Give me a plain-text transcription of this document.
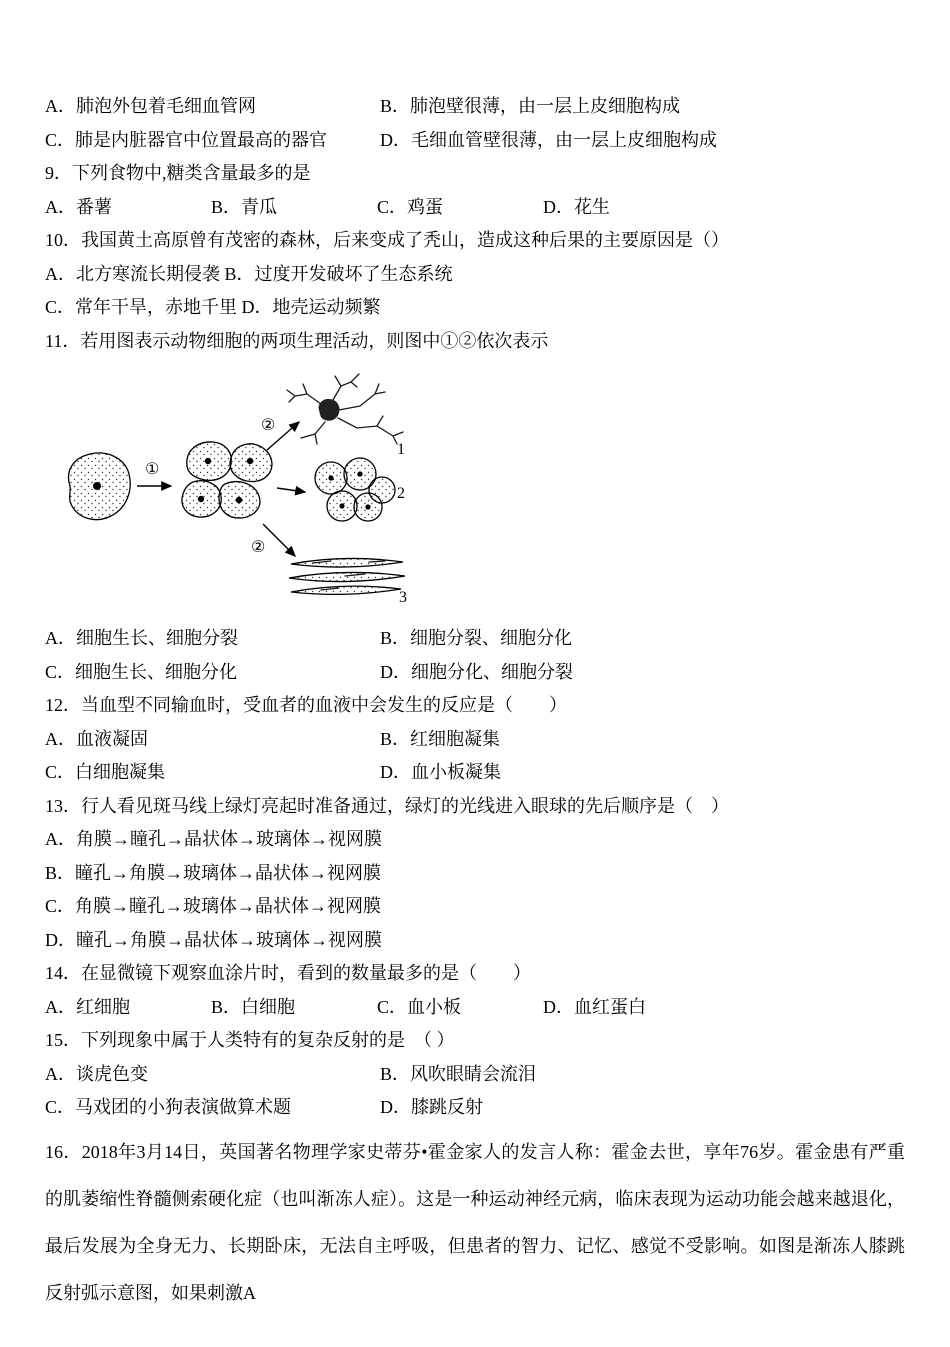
A．肺泡外包着毛细血管网	B．肺泡壁很薄，由一层上皮细胞构成
C．肺是内脏器官中位置最高的器官	D．毛细血管壁很薄，由一层上皮细胞构成
9．下列食物中,糖类含量最多的是
A．番薯	B．青瓜	C．鸡蛋	D．花生
10．我国黄土高原曾有茂密的森林，后来变成了秃山，造成这种后果的主要原因是（）
A．北方寒流长期侵袭 B．过度开发破坏了生态系统
C．常年干旱，赤地千里 D．地壳运动频繁
11．若用图表示动物细胞的两项生理活动，则图中①②依次表示
①
②
1
2
②
3
A．细胞生长、细胞分裂	B．细胞分裂、细胞分化
C．细胞生长、细胞分化	D．细胞分化、细胞分裂
12．当血型不同输血时，受血者的血液中会发生的反应是（　　）
A．血液凝固	B．红细胞凝集
C．白细胞凝集	D．血小板凝集
13．行人看见斑马线上绿灯亮起时准备通过，绿灯的光线进入眼球的先后顺序是（　）
A．角膜→瞳孔→晶状体→玻璃体→视网膜
B．瞳孔→角膜→玻璃体→晶状体→视网膜
C．角膜→瞳孔→玻璃体→晶状体→视网膜
D．瞳孔→角膜→晶状体→玻璃体→视网膜
14．在显微镜下观察血涂片时，看到的数量最多的是（　　）
A．红细胞	B．白细胞	C．血小板	D．血红蛋白
15．下列现象中属于人类特有的复杂反射的是　（ ）
A．谈虎色变	B．风吹眼睛会流泪
C．马戏团的小狗表演做算术题	D．膝跳反射
16．2018年3月14日，英国著名物理学家史蒂芬•霍金家人的发言人称：霍金去世，享年76岁。霍金患有严重的肌萎缩性脊髓侧索硬化症（也叫渐冻人症）。这是一种运动神经元病，临床表现为运动功能会越来越退化，最后发展为全身无力、长期卧床，无法自主呼吸，但患者的智力、记忆、感觉不受影响。如图是渐冻人膝跳反射弧示意图，如果刺激A
